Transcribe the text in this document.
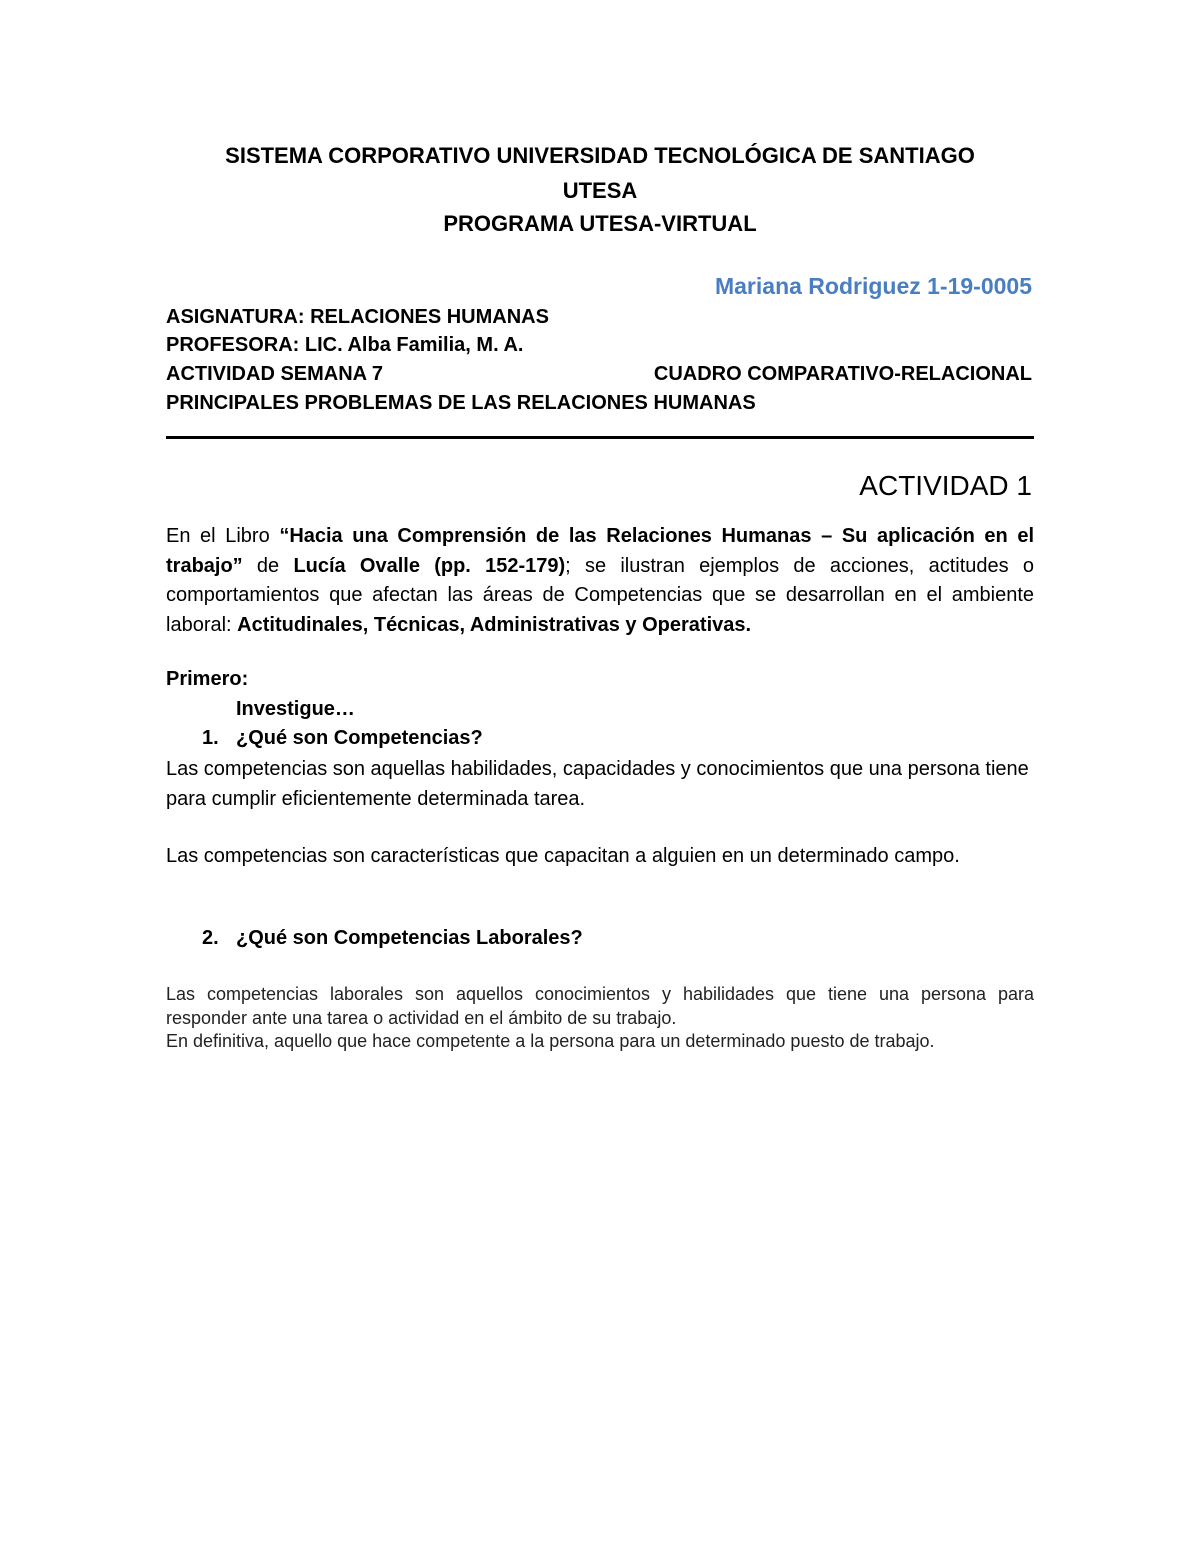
SISTEMA CORPORATIVO UNIVERSIDAD TECNOLÓGICA DE SANTIAGO
UTESA
PROGRAMA UTESA-VIRTUAL
Mariana Rodriguez 1-19-0005
ASIGNATURA: RELACIONES HUMANAS
PROFESORA: LIC. Alba Familia, M. A.
ACTIVIDAD SEMANA 7	CUADRO COMPARATIVO-RELACIONAL
PRINCIPALES PROBLEMAS DE LAS RELACIONES HUMANAS
ACTIVIDAD 1
En el Libro “Hacia una Comprensión de las Relaciones Humanas – Su aplicación en el trabajo” de Lucía Ovalle (pp. 152-179); se ilustran ejemplos de acciones, actitudes o comportamientos que afectan las áreas de Competencias que se desarrollan en el ambiente laboral: Actitudinales, Técnicas, Administrativas y Operativas.
Primero:
Investigue…
1. ¿Qué son Competencias?
Las competencias son aquellas habilidades, capacidades y conocimientos que una persona tiene para cumplir eficientemente determinada tarea.
Las competencias son características que capacitan a alguien en un determinado campo.
2. ¿Qué son Competencias Laborales?
Las competencias laborales son aquellos conocimientos y habilidades que tiene una persona para responder ante una tarea o actividad en el ámbito de su trabajo.
En definitiva, aquello que hace competente a la persona para un determinado puesto de trabajo.
